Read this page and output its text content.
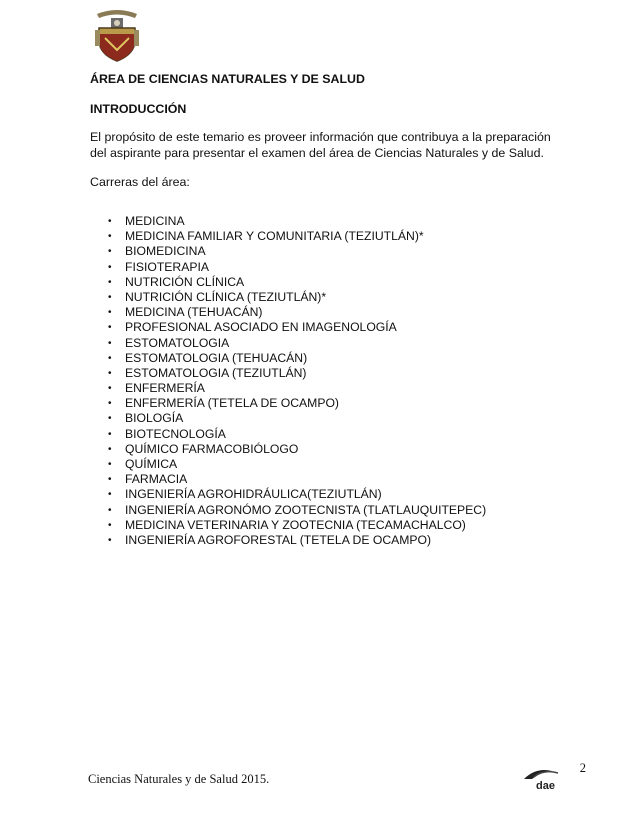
ÁREA DE CIENCIAS NATURALES Y DE SALUD
INTRODUCCIÓN
El propósito de este temario es proveer información que contribuya a la preparación del aspirante para presentar el examen del área de Ciencias Naturales y de Salud.
Carreras del área:
• MEDICINA
• MEDICINA FAMILIAR Y COMUNITARIA (TEZIUTLÁN)*
• BIOMEDICINA
• FISIOTERAPIA
• NUTRICIÓN CLÍNICA
• NUTRICIÓN CLÍNICA (TEZIUTLÁN)*
• MEDICINA (TEHUACÁN)
• PROFESIONAL ASOCIADO EN IMAGENOLOGÍA
• ESTOMATOLOGIA
• ESTOMATOLOGIA (TEHUACÁN)
• ESTOMATOLOGIA (TEZIUTLÁN)
• ENFERMERÍA
• ENFERMERÍA (TETELA DE OCAMPO)
• BIOLOGÍA
• BIOTECNOLOGÍA
• QUÍMICO FARMACOBIÓLOGO
• QUÍMICA
• FARMACIA
• INGENIERÍA AGROHIDRÁULICA(TEZIUTLÁN)
• INGENIERÍA AGRONÓMO ZOOTECNISTA (TLATLAUQUITEPEC)
• MEDICINA VETERINARIA Y ZOOTECNIA (TECAMACHALCO)
• INGENIERÍA AGROFORESTAL (TETELA DE OCAMPO)
2
Ciencias Naturales y de Salud 2015.	dae
